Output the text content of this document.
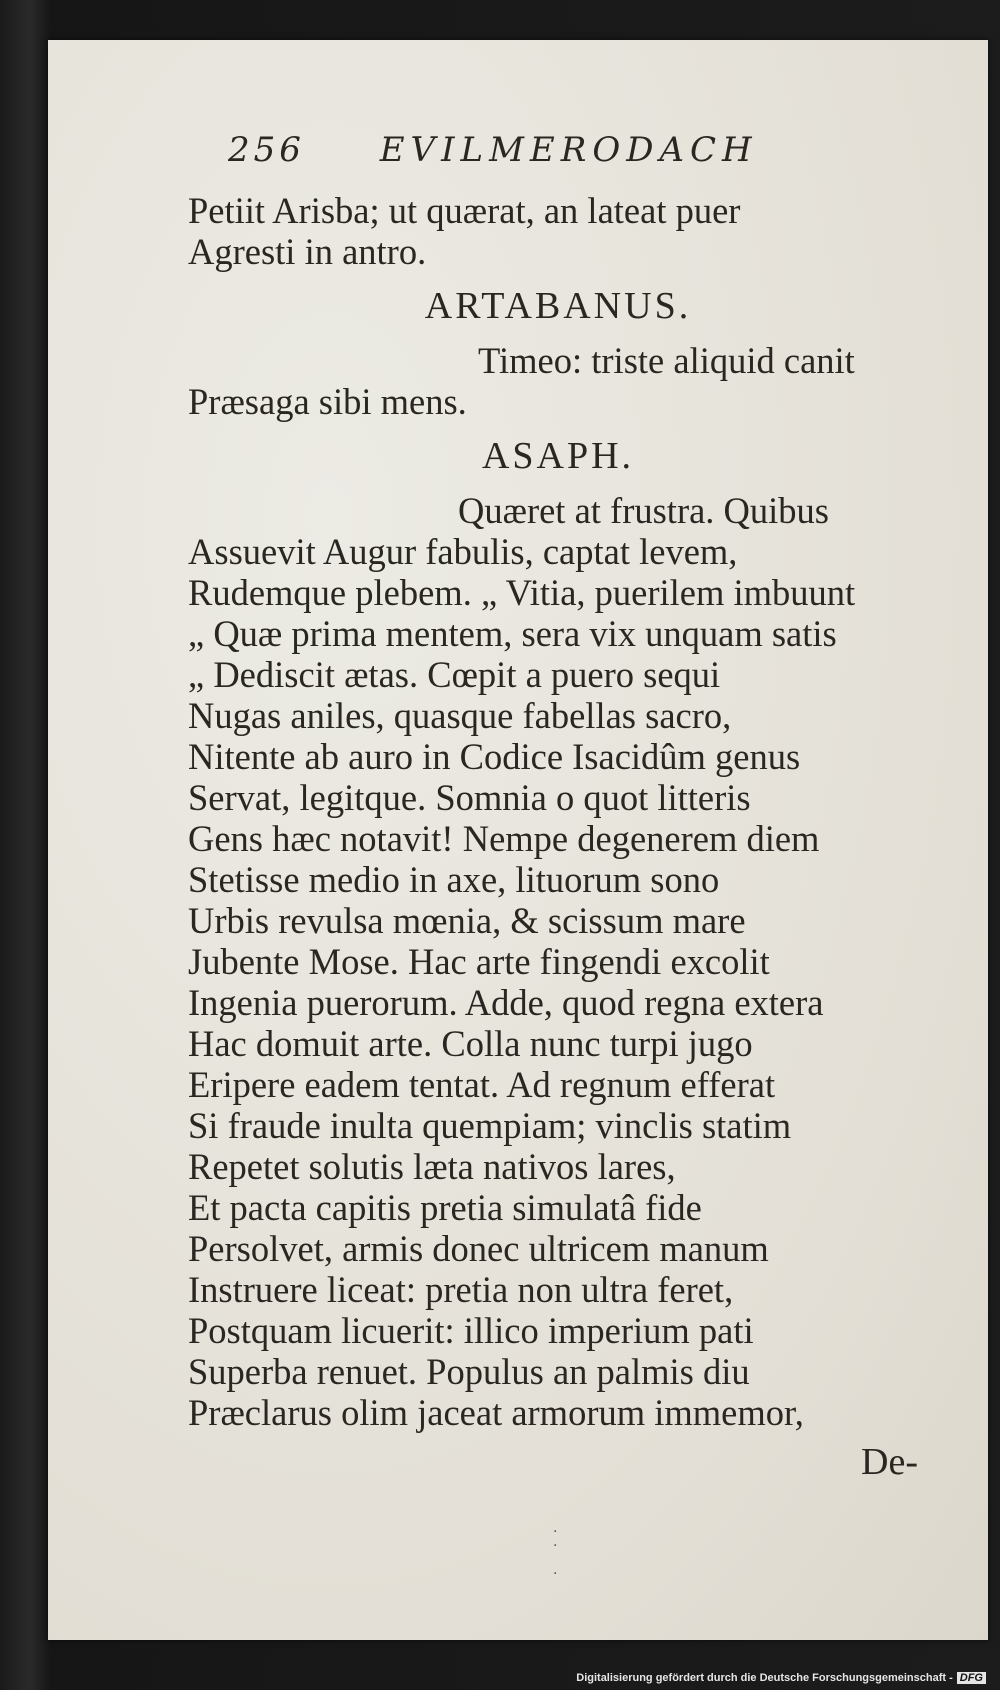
256 EVILMERODACH
Petiit Arisba; ut quærat, an lateat puer
Agresti in antro.
ARTABANUS.
Timeo: triste aliquid canit
Præsaga sibi mens.
ASAPH.
Quæret at frustra. Quibus
Assuevit Augur fabulis, captat levem,
Rudemque plebem. „ Vitia, puerilem imbuunt
„ Quæ prima mentem, sera vix unquam satis
„ Dediscit ætas. Cœpit a puero sequi
Nugas aniles, quasque fabellas sacro,
Nitente ab auro in Codice Isacidûm genus
Servat, legitque. Somnia o quot litteris
Gens hæc notavit! Nempe degenerem diem
Stetisse medio in axe, lituorum sono
Urbis revulsa mœnia, & scissum mare
Jubente Mose. Hac arte fingendi excolit
Ingenia puerorum. Adde, quod regna extera
Hac domuit arte. Colla nunc turpi jugo
Eripere eadem tentat. Ad regnum efferat
Si fraude inulta quempiam; vinclis statim
Repetet solutis læta nativos lares,
Et pacta capitis pretia simulatâ fide
Persolvet, armis donec ultricem manum
Instruere liceat: pretia non ultra feret,
Postquam licuerit: illico imperium pati
Superba renuet. Populus an palmis diu
Præclarus olim jaceat armorum immemor,
De-
·
·

·
Digitalisierung gefördert durch die Deutsche Forschungsgemeinschaft - DFG
